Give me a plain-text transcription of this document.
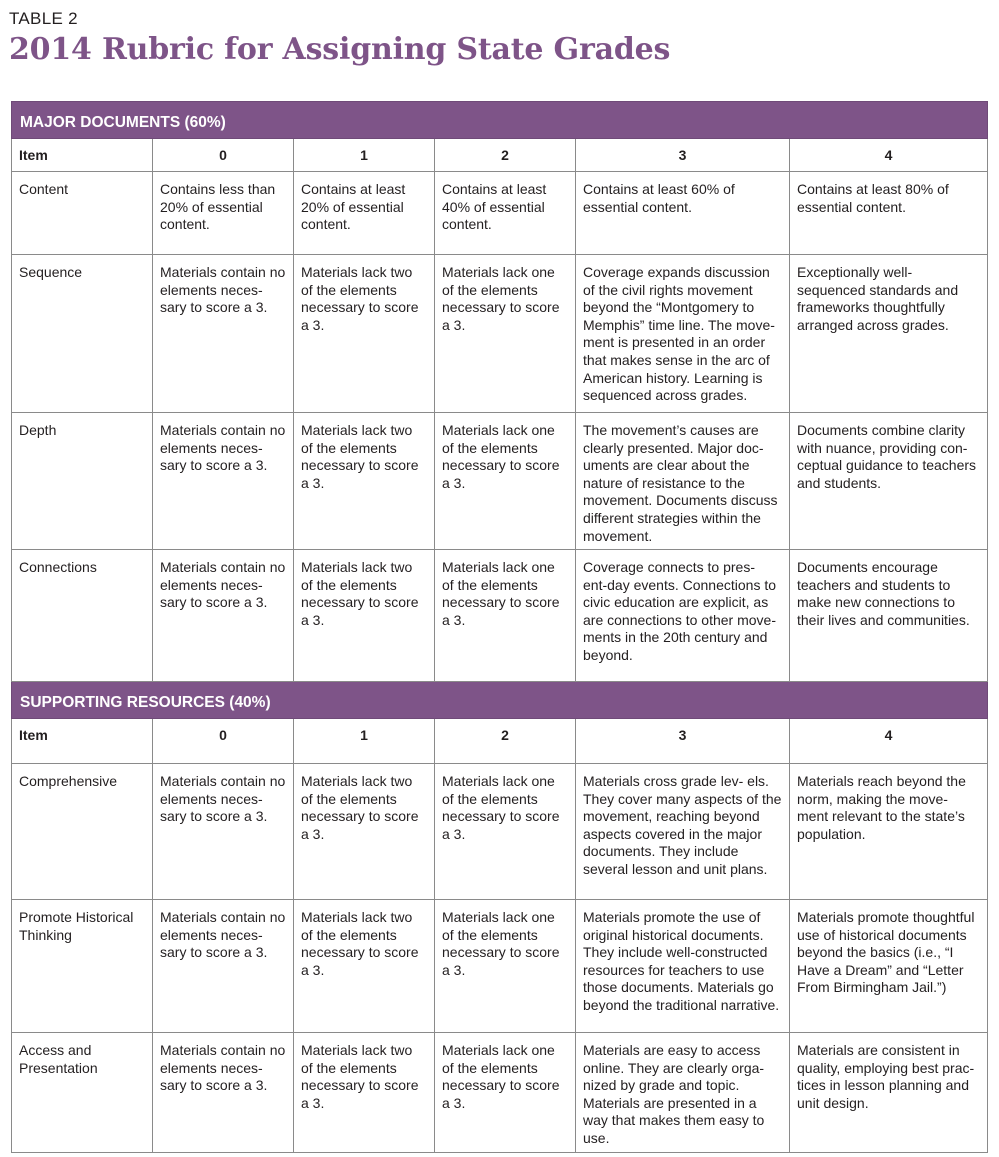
TABLE 2
2014 Rubric for Assigning State Grades
MAJOR DOCUMENTS (60%)					
Item	0	1	2	3	4
Content	Contains less than 20% of essential content.	Contains at least 20% of essential content.	Contains at least 40% of essential content.	Contains at least 60% of essential content.	Contains at least 80% of essential content.
Sequence	Materials contain no elements neces- sary to score a 3.	Materials lack two of the elements necessary to score a 3.	Materials lack one of the elements necessary to score a 3.	Coverage expands discussion of the civil rights movement beyond the “Montgomery to Memphis” time line. The move- ment is presented in an order that makes sense in the arc of American history. Learning is sequenced across grades.	Exceptionally well- sequenced standards and frameworks thoughtfully arranged across grades.
Depth	Materials contain no elements neces- sary to score a 3.	Materials lack two of the elements necessary to score a 3.	Materials lack one of the elements necessary to score a 3.	The movement’s causes are clearly presented. Major doc- uments are clear about the nature of resistance to the movement. Documents discuss different strategies within the movement.	Documents combine clarity with nuance, providing con- ceptual guidance to teachers and students.
Connections	Materials contain no elements neces- sary to score a 3.	Materials lack two of the elements necessary to score a 3.	Materials lack one of the elements necessary to score a 3.	Coverage connects to pres- ent-day events. Connections to civic education are explicit, as are connections to other move- ments in the 20th century and beyond.	Documents encourage teachers and students to make new connections to their lives and communities.
SUPPORTING RESOURCES (40%)					
Item	0	1	2	3	4
Comprehensive	Materials contain no elements neces- sary to score a 3.	Materials lack two of the elements necessary to score a 3.	Materials lack one of the elements necessary to score a 3.	Materials cross grade lev- els. They cover many aspects of the movement, reaching beyond aspects covered in the major documents. They include several lesson and unit plans.	Materials reach beyond the norm, making the move- ment relevant to the state’s population.
Promote Historical Thinking	Materials contain no elements neces- sary to score a 3.	Materials lack two of the elements necessary to score a 3.	Materials lack one of the elements necessary to score a 3.	Materials promote the use of original historical documents. They include well-constructed resources for teachers to use those documents. Materials go beyond the traditional narrative.	Materials promote thoughtful use of historical documents beyond the basics (i.e., “I Have a Dream” and “Letter From Birmingham Jail.”)
Access and Presentation	Materials contain no elements neces- sary to score a 3.	Materials lack two of the elements necessary to score a 3.	Materials lack one of the elements necessary to score a 3.	Materials are easy to access online. They are clearly orga- nized by grade and topic. Materials are presented in a way that makes them easy to use.	Materials are consistent in quality, employing best prac- tices in lesson planning and unit design.
